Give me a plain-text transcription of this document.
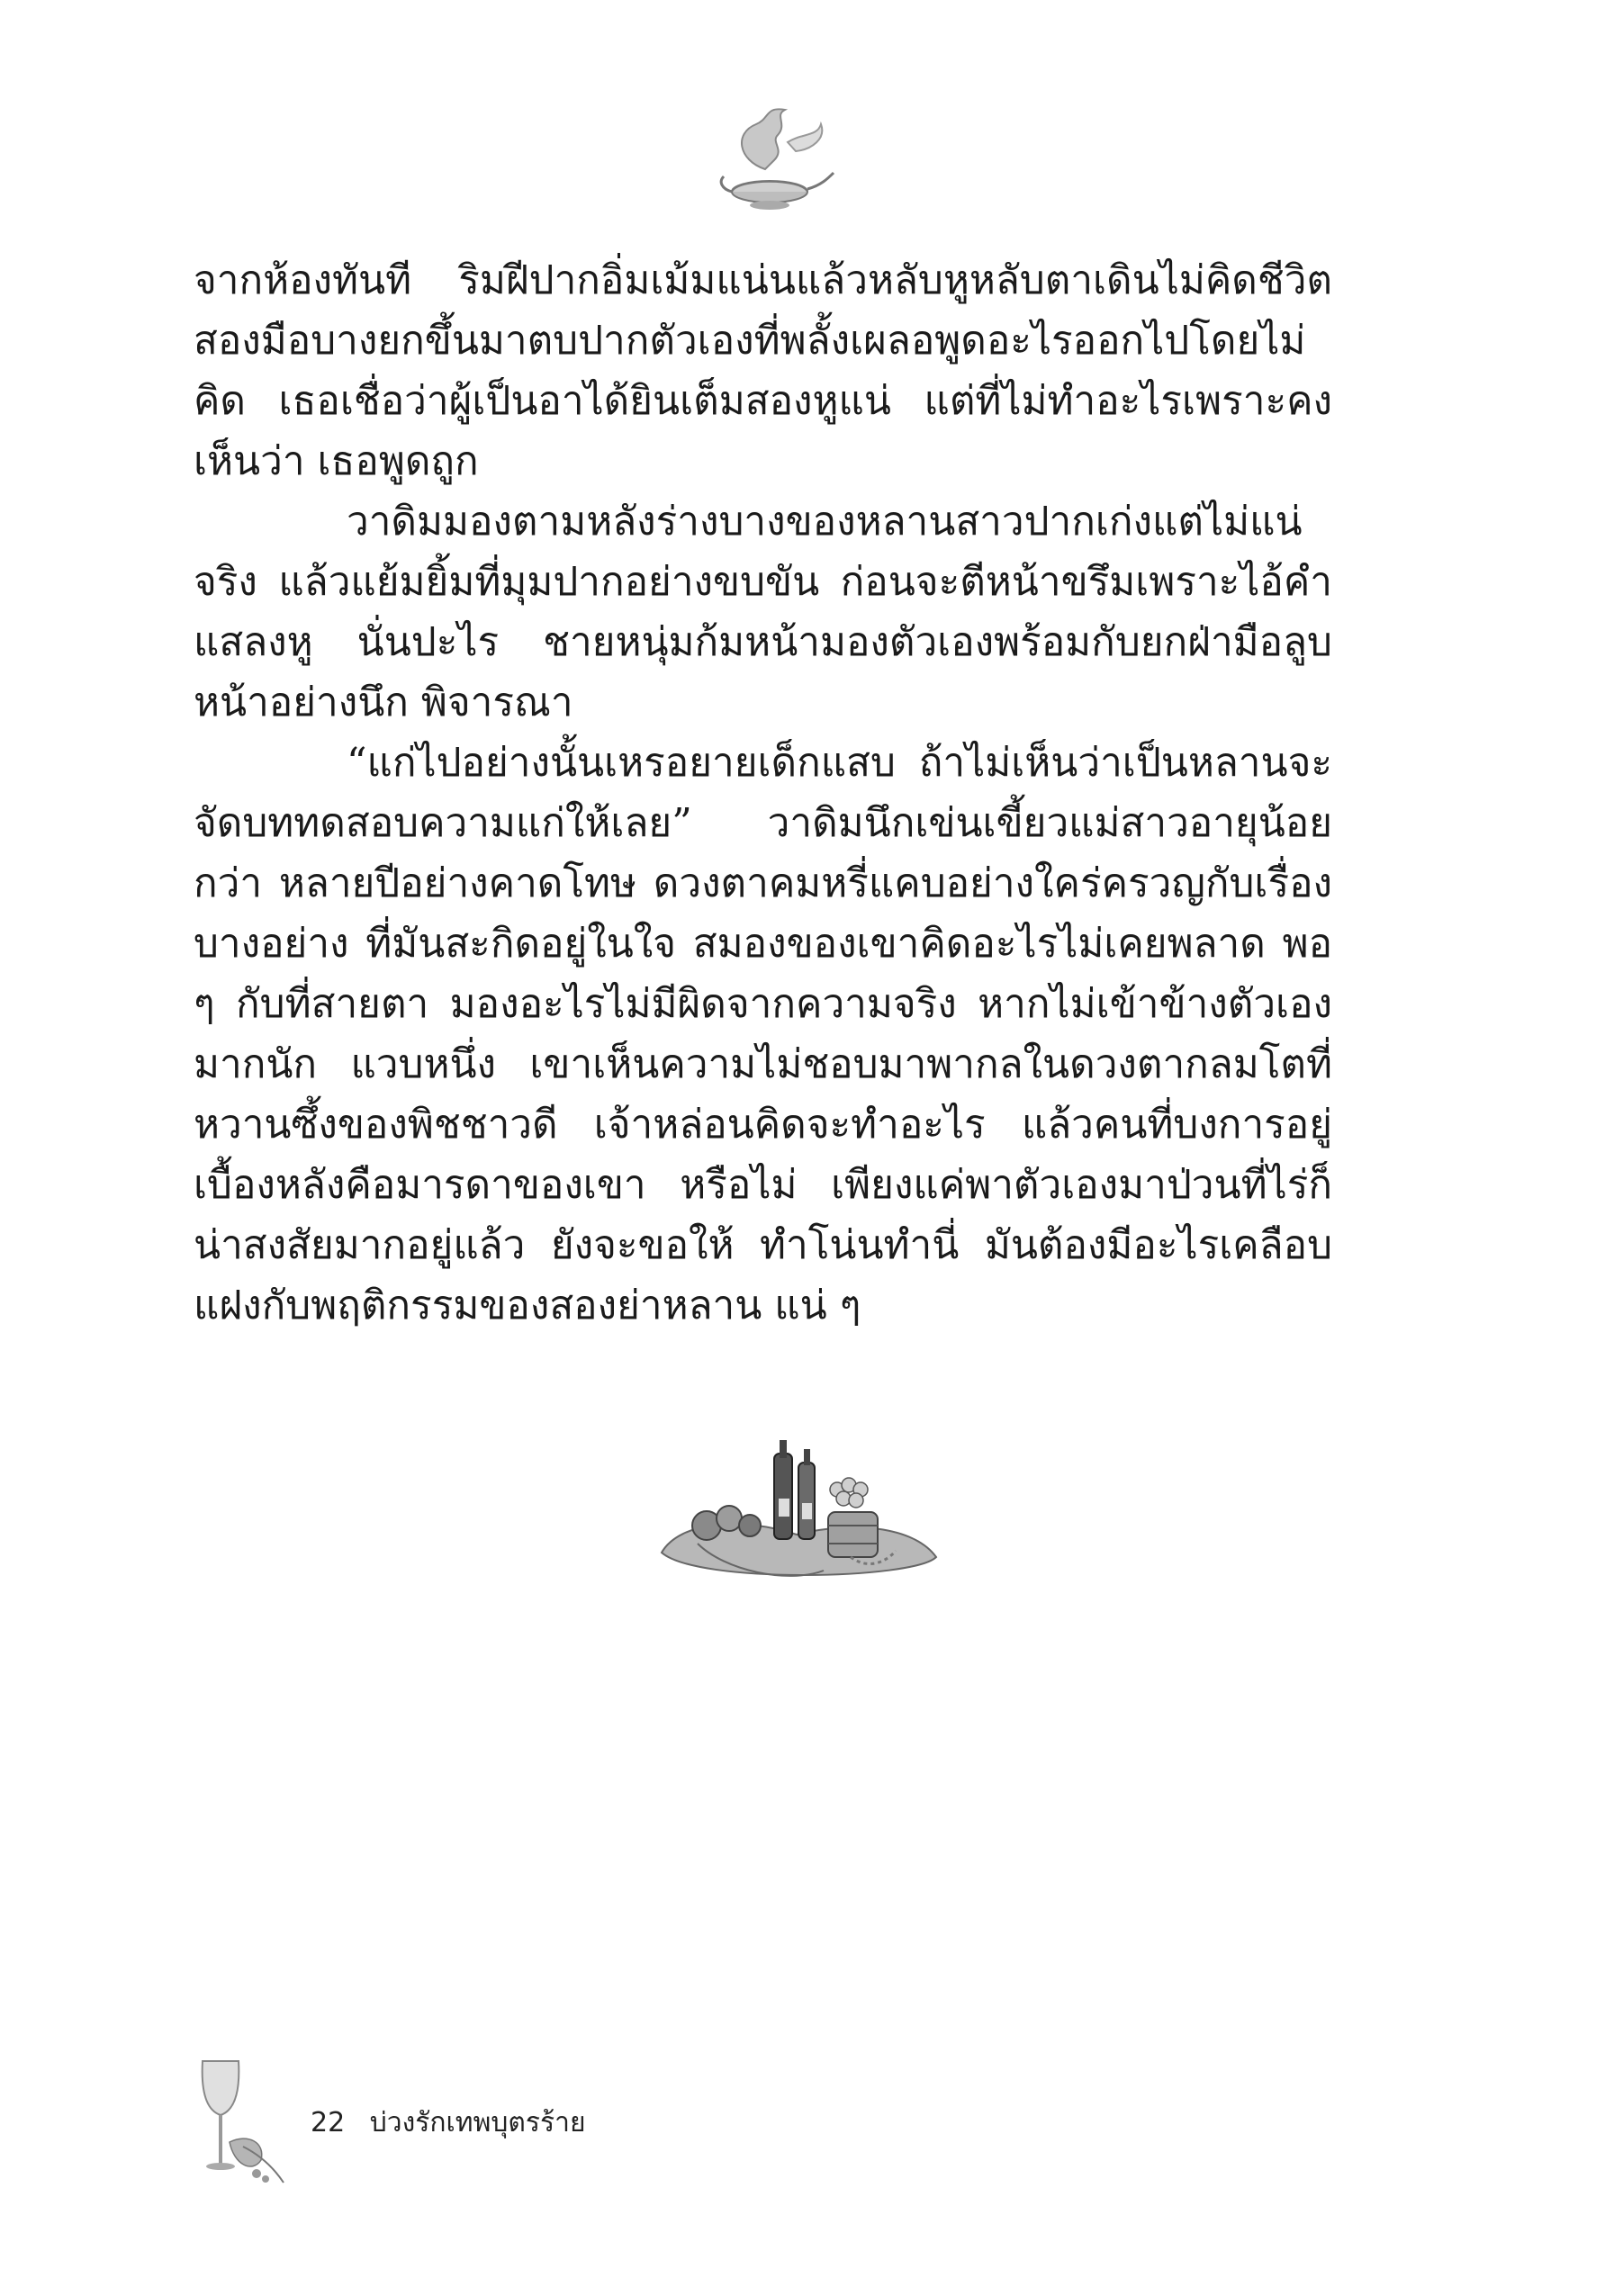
จากห้องทันที ริมฝีปากอิ่มเม้มแน่นแล้วหลับหูหลับตาเดินไม่คิดชีวิต สองมือบางยกขึ้นมาตบปากตัวเองที่พลั้งเผลอพูดอะไรออกไปโดยไม่คิด เธอเชื่อว่าผู้เป็นอาได้ยินเต็มสองหูแน่ แต่ที่ไม่ทำอะไรเพราะคงเห็นว่า เธอพูดถูก

วาดิมมองตามหลังร่างบางของหลานสาวปากเก่งแต่ไม่แน่จริง แล้วแย้มยิ้มที่มุมปากอย่างขบขัน ก่อนจะตีหน้าขรึมเพราะไอ้คำแสลงหู นั่นปะไร ชายหนุ่มก้มหน้ามองตัวเองพร้อมกับยกฝ่ามือลูบหน้าอย่างนึก พิจารณา

“แก่ไปอย่างนั้นเหรอยายเด็กแสบ ถ้าไม่เห็นว่าเป็นหลานจะ จัดบททดสอบความแก่ให้เลย” วาดิมนึกเข่นเขี้ยวแม่สาวอายุน้อยกว่า หลายปีอย่างคาดโทษ ดวงตาคมหรี่แคบอย่างใคร่ครวญกับเรื่องบางอย่าง ที่มันสะกิดอยู่ในใจ สมองของเขาคิดอะไรไม่เคยพลาด พอ ๆ กับที่สายตา มองอะไรไม่มีผิดจากความจริง หากไม่เข้าข้างตัวเองมากนัก แวบหนึ่ง เขาเห็นความไม่ชอบมาพากลในดวงตากลมโตที่หวานซึ้งของพิชชาวดี เจ้าหล่อนคิดจะทำอะไร แล้วคนที่บงการอยู่เบื้องหลังคือมารดาของเขา หรือไม่ เพียงแค่พาตัวเองมาป่วนที่ไร่ก็น่าสงสัยมากอยู่แล้ว ยังจะขอให้ ทำโน่นทำนี่ มันต้องมีอะไรเคลือบแฝงกับพฤติกรรมของสองย่าหลาน แน่ ๆ

22 บ่วงรักเทพบุตรร้าย
